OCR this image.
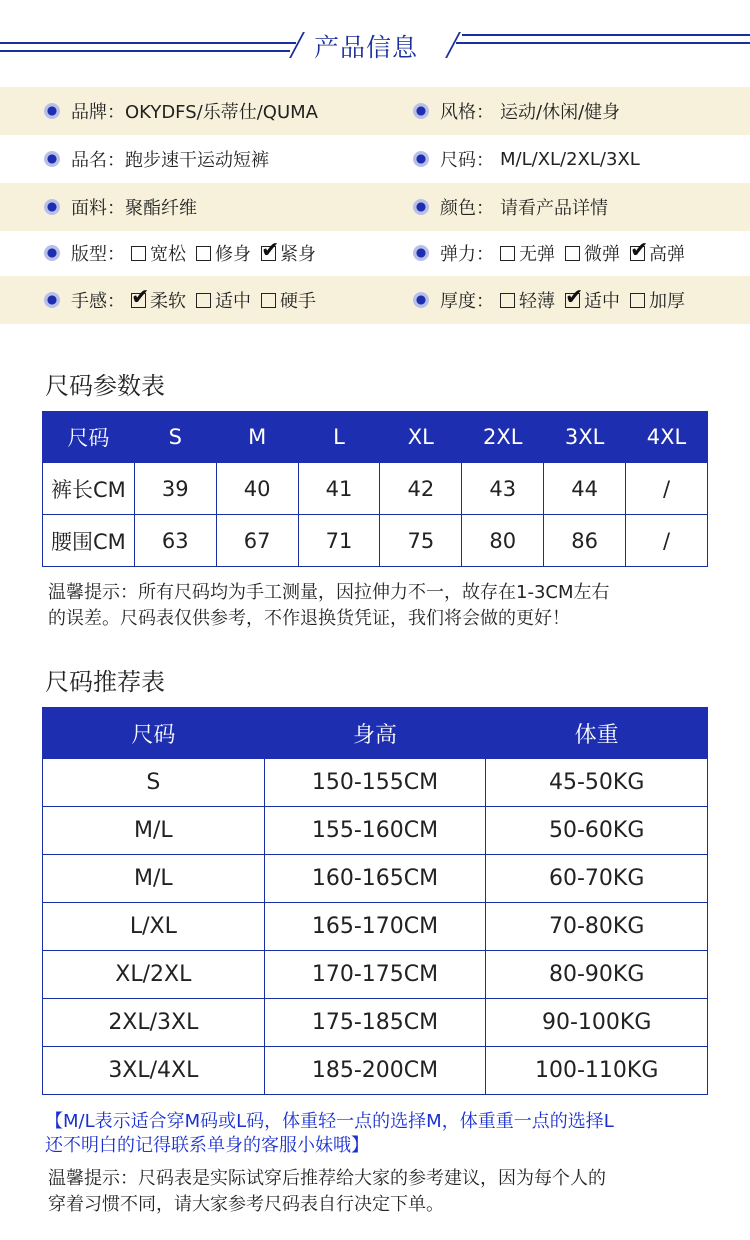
产品信息
品牌： OKYDFS/乐蒂仕/QUMA	风格： 运动/休闲/健身
品名： 跑步速干运动短裤	尺码： M/L/XL/2XL/3XL
面料： 聚酯纤维	颜色： 请看产品详情
版型： 宽松 修身 ✔ 紧身	弹力： 无弹 微弹 ✔ 高弹
手感： ✔ 柔软 适中 硬手	厚度： 轻薄 ✔ 适中 加厚
尺码参数表
尺码	S	M	L	XL	2XL	3XL	4XL
裤长CM	39	40	41	42	43	44	/
腰围CM	63	67	71	75	80	86	/
温馨提示：所有尺码均为手工测量，因拉伸力不一，故存在1-3CM左右
的误差。尺码表仅供参考，不作退换货凭证，我们将会做的更好！
尺码推荐表
尺码	身高	体重
S	150-155CM	45-50KG
M/L	155-160CM	50-60KG
M/L	160-165CM	60-70KG
L/XL	165-170CM	70-80KG
XL/2XL	170-175CM	80-90KG
2XL/3XL	175-185CM	90-100KG
3XL/4XL	185-200CM	100-110KG
【M/L表示适合穿M码或L码，体重轻一点的选择M，体重重一点的选择L
还不明白的记得联系单身的客服小妹哦】
温馨提示：尺码表是实际试穿后推荐给大家的参考建议，因为每个人的
穿着习惯不同，请大家参考尺码表自行决定下单。
